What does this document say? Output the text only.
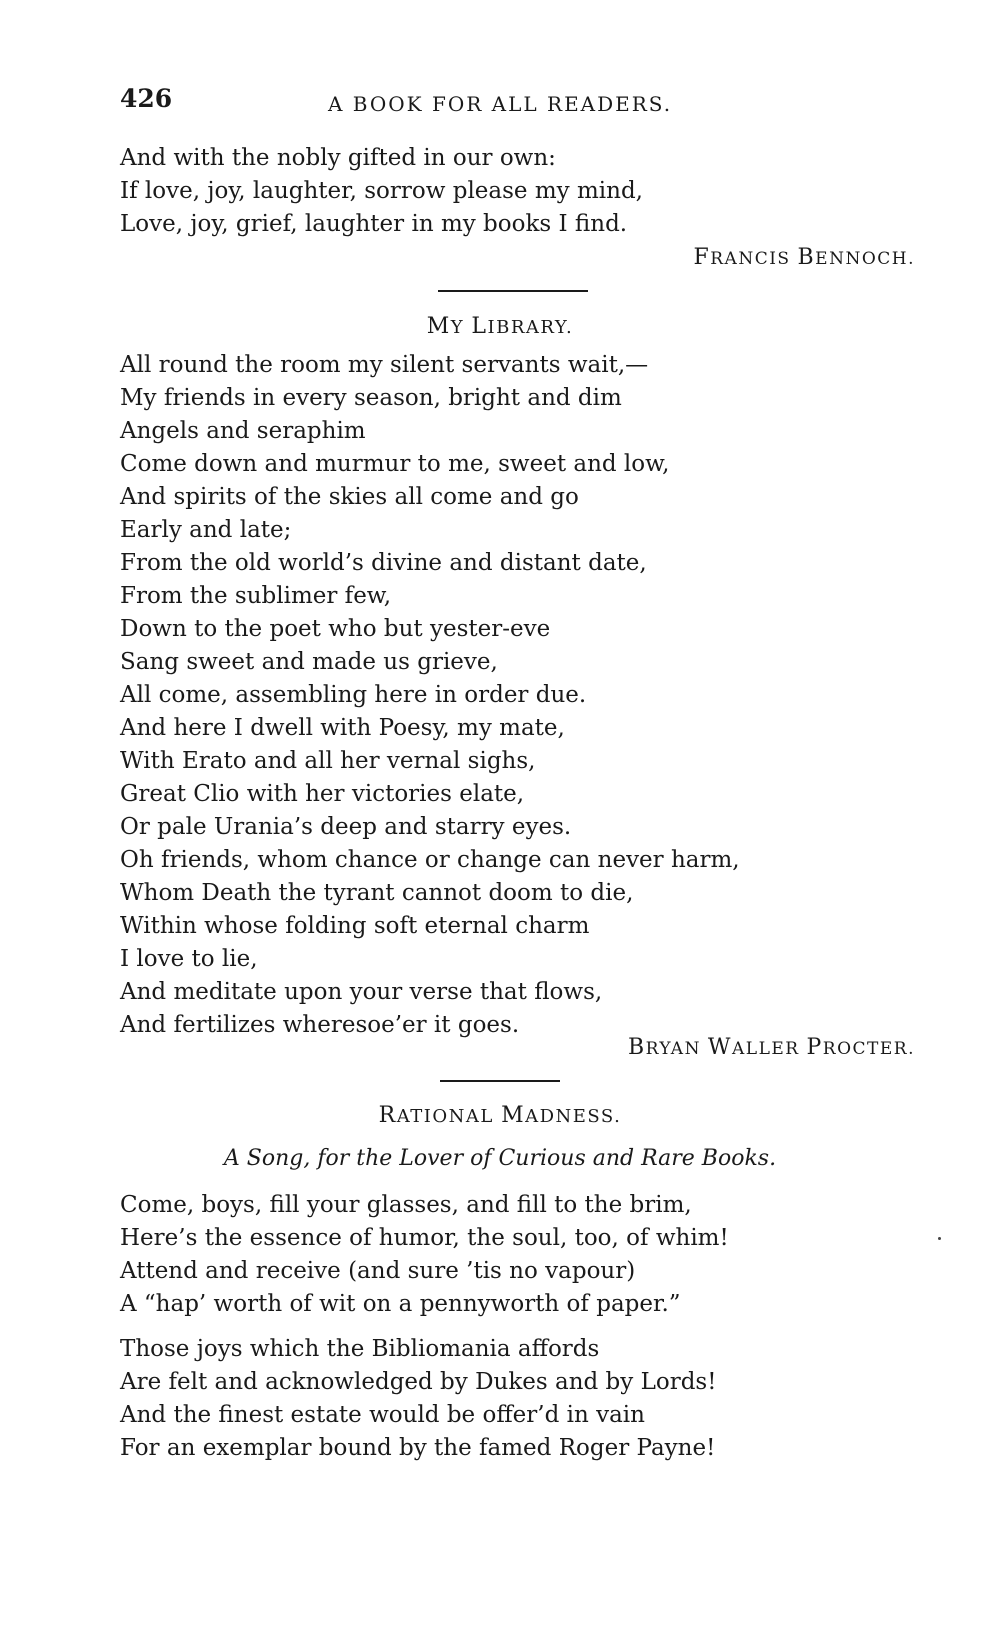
426	A BOOK FOR ALL READERS.
And with the nobly gifted in our own:
If love, joy, laughter, sorrow please my mind,
Love, joy, grief, laughter in my books I find.
FRANCIS BENNOCH.
MY LIBRARY.
All round the room my silent servants wait,—
My friends in every season, bright and dim
Angels and seraphim
Come down and murmur to me, sweet and low,
And spirits of the skies all come and go
Early and late;
From the old world’s divine and distant date,
From the sublimer few,
Down to the poet who but yester-eve
Sang sweet and made us grieve,
All come, assembling here in order due.
And here I dwell with Poesy, my mate,
With Erato and all her vernal sighs,
Great Clio with her victories elate,
Or pale Urania’s deep and starry eyes.
Oh friends, whom chance or change can never harm,
Whom Death the tyrant cannot doom to die,
Within whose folding soft eternal charm
I love to lie,
And meditate upon your verse that flows,
And fertilizes wheresoe’er it goes.
BRYAN WALLER PROCTER.
RATIONAL MADNESS.
A Song, for the Lover of Curious and Rare Books.
Come, boys, fill your glasses, and fill to the brim,
Here’s the essence of humor, the soul, too, of whim!
Attend and receive (and sure ’tis no vapour)
A “hap’ worth of wit on a pennyworth of paper.”
Those joys which the Bibliomania affords
Are felt and acknowledged by Dukes and by Lords!
And the finest estate would be offer’d in vain
For an exemplar bound by the famed Roger Payne!
